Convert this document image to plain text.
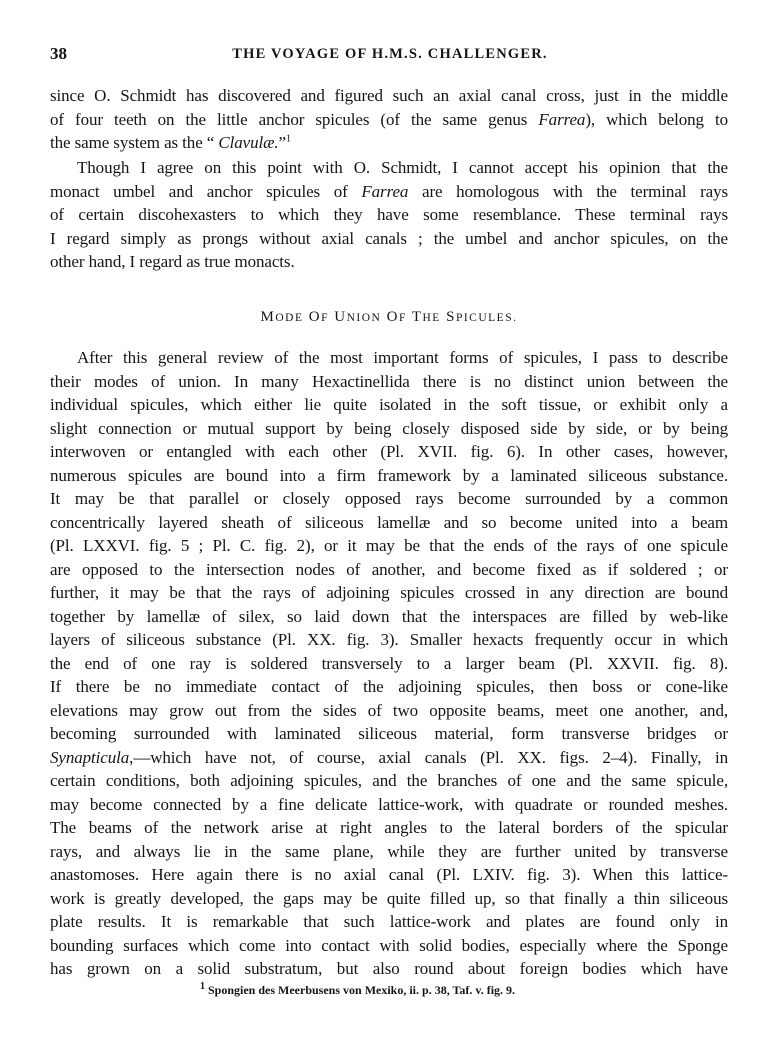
38	THE VOYAGE OF H.M.S. CHALLENGER.
since O. Schmidt has discovered and figured such an axial canal cross, just in the middle
of four teeth on the little anchor spicules (of the same genus Farrea), which belong to
the same system as the “ Clavulæ.”$^1$
Though I agree on this point with O. Schmidt, I cannot accept his opinion that the
monact umbel and anchor spicules of Farrea are homologous with the terminal rays
of certain discohexasters to which they have some resemblance. These terminal rays
I regard simply as prongs without axial canals ; the umbel and anchor spicules, on the
other hand, I regard as true monacts.
MODE OF UNION OF THE SPICULES.
After this general review of the most important forms of spicules, I pass to describe
their modes of union. In many Hexactinellida there is no distinct union between the
individual spicules, which either lie quite isolated in the soft tissue, or exhibit only a
slight connection or mutual support by being closely disposed side by side, or by being
interwoven or entangled with each other (Pl. XVII. fig. 6). In other cases, however,
numerous spicules are bound into a firm framework by a laminated siliceous substance.
It may be that parallel or closely opposed rays become surrounded by a common
concentrically layered sheath of siliceous lamellæ and so become united into a beam
(Pl. LXXVI. fig. 5 ; Pl. C. fig. 2), or it may be that the ends of the rays of one spicule
are opposed to the intersection nodes of another, and become fixed as if soldered ; or
further, it may be that the rays of adjoining spicules crossed in any direction are bound
together by lamellæ of silex, so laid down that the interspaces are filled by web-like
layers of siliceous substance (Pl. XX. fig. 3). Smaller hexacts frequently occur in which
the end of one ray is soldered transversely to a larger beam (Pl. XXVII. fig. 8).
If there be no immediate contact of the adjoining spicules, then boss or cone-like
elevations may grow out from the sides of two opposite beams, meet one another, and,
becoming surrounded with laminated siliceous material, form transverse bridges or
Synapticula,—which have not, of course, axial canals (Pl. XX. figs. 2–4). Finally, in
certain conditions, both adjoining spicules, and the branches of one and the same spicule,
may become connected by a fine delicate lattice-work, with quadrate or rounded meshes.
The beams of the network arise at right angles to the lateral borders of the spicular
rays, and always lie in the same plane, while they are further united by transverse
anastomoses. Here again there is no axial canal (Pl. LXIV. fig. 3). When this lattice-
work is greatly developed, the gaps may be quite filled up, so that finally a thin siliceous
plate results. It is remarkable that such lattice-work and plates are found only in
bounding surfaces which come into contact with solid bodies, especially where the Sponge
has grown on a solid substratum, but also round about foreign bodies which have
$^1$ Spongien des Meerbusens von Mexiko, ii. p. 38, Taf. v. fig. 9.
